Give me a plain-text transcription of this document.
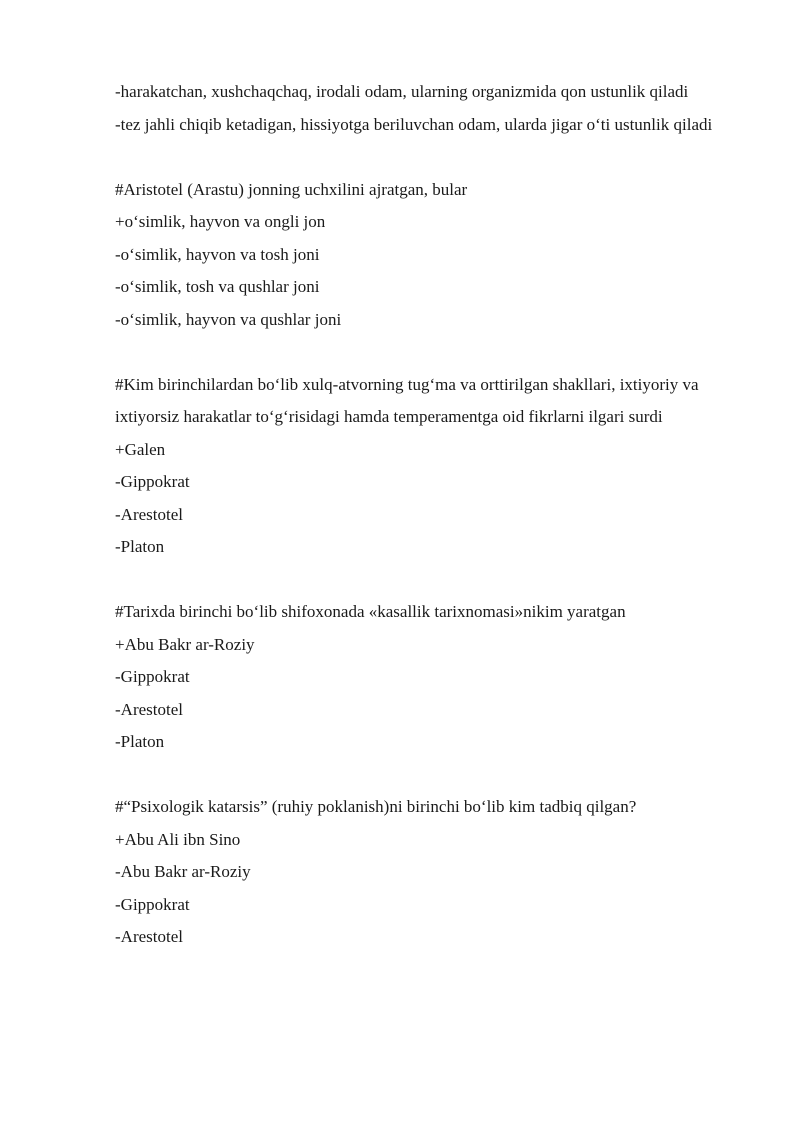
-harakatchan, xushchaqchaq, irodali odam, ularning organizmida qon ustunlik qiladi
-tez jahli chiqib ketadigan, hissiyotga beriluvchan odam, ularda jigar o‘ti ustunlik qiladi
#Aristotel (Arastu) jonning uchxilini ajratgan, bular
+o‘simlik, hayvon va ongli jon
-o‘simlik, hayvon va tosh joni
-o‘simlik, tosh va qushlar joni
-o‘simlik, hayvon va qushlar joni
#Kim birinchilardan bo‘lib xulq-atvorning tug‘ma va orttirilgan shakllari, ixtiyoriy va ixtiyorsiz harakatlar to‘g‘risidagi hamda temperamentga oid fikrlarni ilgari surdi
+Galen
-Gippokrat
-Arestotel
-Platon
#Tarixda birinchi bo‘lib shifoxonada «kasallik tarixnomasi»nikim yaratgan
+Abu Bakr ar-Roziy
-Gippokrat
-Arestotel
-Platon
#“Psixologik katarsis” (ruhiy poklanish)ni birinchi bo‘lib kim tadbiq qilgan?
+Abu Ali ibn Sino
-Abu Bakr ar-Roziy
-Gippokrat
-Arestotel
